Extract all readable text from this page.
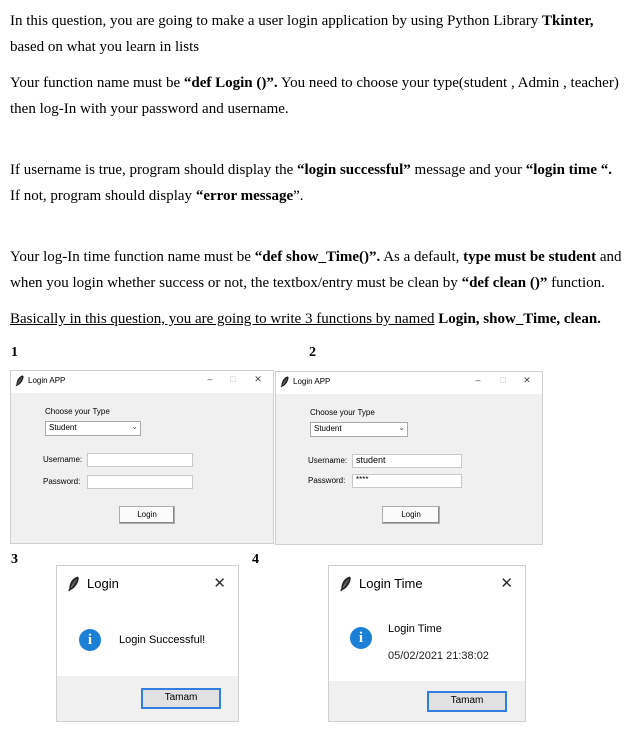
In this question, you are going to make a user login application by using Python Library Tkinter, based on what you learn in lists
Your function name must be “def Login ()”. You need to choose your type(student , Admin , teacher) then log-In with your password and username.
If username is true, program should display the “login successful” message and your “login time “.
If not, program should display “error message”.
Your log-In time function name must be “def show_Time()”. As a default, type must be student and when you login whether success or not, the textbox/entry must be clean by “def clean ()” function.
Basically in this question, you are going to write 3 functions by named Login, show_Time, clean.
1	2
3	4
Login APP	–	□	✕
Choose your Type
Student	⌄
Username:
Password:
Login
Login APP	–	□	✕
Choose your Type
Student	⌄
Username: student
Password: ****
Login
Login	✕
i	Login Successful!
Tamam
Login Time	✕
i
Login Time
05/02/2021 21:38:02
Tamam
